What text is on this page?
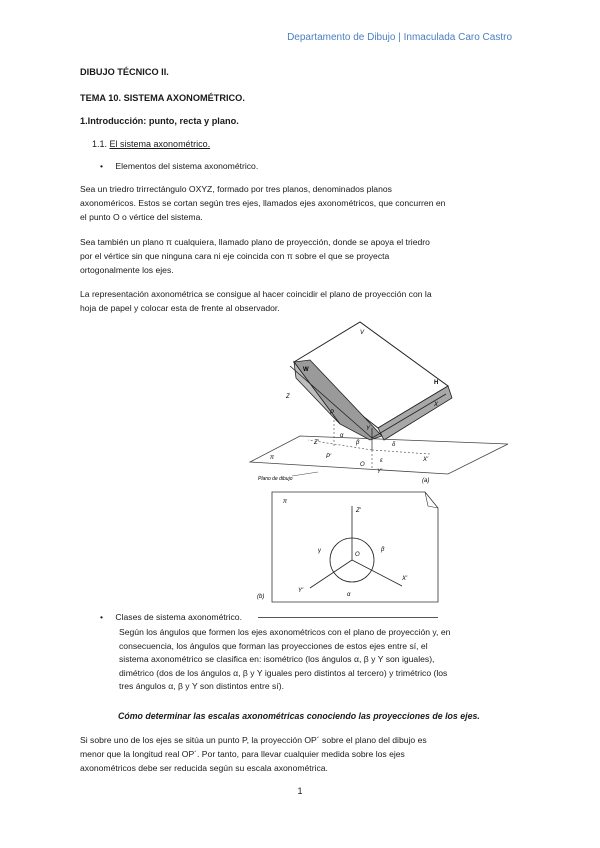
Departamento de Dibujo | Inmaculada Caro Castro
DIBUJO TÉCNICO II.
TEMA 10. SISTEMA AXONOMÉTRICO.
1.Introducción: punto, recta y plano.
1.1. El sistema axonométrico.
• Elementos del sistema axonométrico.
Sea un triedro trirrectángulo OXYZ, formado por tres planos, denominados planos
axonoméricos. Estos se cortan según tres ejes, llamados ejes axonométricos, que concurren en
el punto O o vértice del sistema.
Sea también un plano π cualquiera, llamado plano de proyección, donde se apoya el triedro
por el vértice sin que ninguna cara ni eje coincida con π sobre el que se proyecta
ortogonalmente los ejes.
La representación axonométrica se consigue al hacer coincidir el plano de proyección con la
hoja de papel y colocar esta de frente al observador.
V
W
H
Z
X
Y
P
Z'
P'
O
X'
Y'
α
β	δ
ε
π
Plano de dibujo	(a)
π
Z'
O
γ	β
α
Y'
X'
(b)
• Clases de sistema axonométrico.
Según los ángulos que formen los ejes axonométricos con el plano de proyección y, en
consecuencia, los ángulos que forman las proyecciones de estos ejes entre sí, el
sistema axonométrico se clasifica en: isométrico (los ángulos α, β y Υ son iguales),
dimétrico (dos de los ángulos α, β y Υ iguales pero distintos al tercero) y trimétrico (los
tres ángulos α, β y Υ son distintos entre sí).
Cómo determinar las escalas axonométricas conociendo las proyecciones de los ejes.
Si sobre uno de los ejes se sitúa un punto P, la proyección OP´ sobre el plano del dibujo es
menor que la longitud real OP´. Por tanto, para llevar cualquier medida sobre los ejes
axonométricos debe ser reducida según su escala axonométrica.
1
